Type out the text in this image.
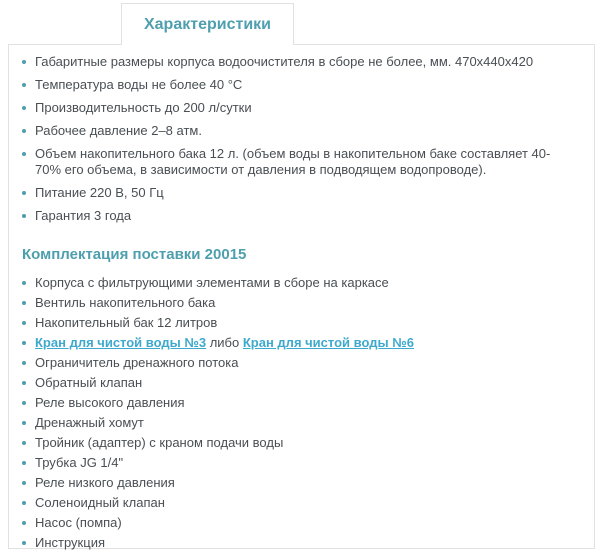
Характеристики
Габаритные размеры корпуса водоочистителя в сборе не более, мм. 470х440х420
Температура воды не более 40 °С
Производительность до 200 л/сутки
Рабочее давление 2–8 атм.
Объем накопительного бака 12 л. (объем воды в накопительном баке составляет 40-70% его объема, в зависимости от давления в подводящем водопроводе).
Питание 220 В, 50 Гц
Гарантия 3 года
Комплектация поставки 20015
Корпуса с фильтрующими элементами в сборе на каркасе
Вентиль накопительного бака
Накопительный бак 12 литров
Кран для чистой воды №3 либо Кран для чистой воды №6
Ограничитель дренажного потока
Обратный клапан
Реле высокого давления
Дренажный хомут
Тройник (адаптер) с краном подачи воды
Трубка JG 1/4"
Реле низкого давления
Соленоидный клапан
Насос (помпа)
Инструкция
